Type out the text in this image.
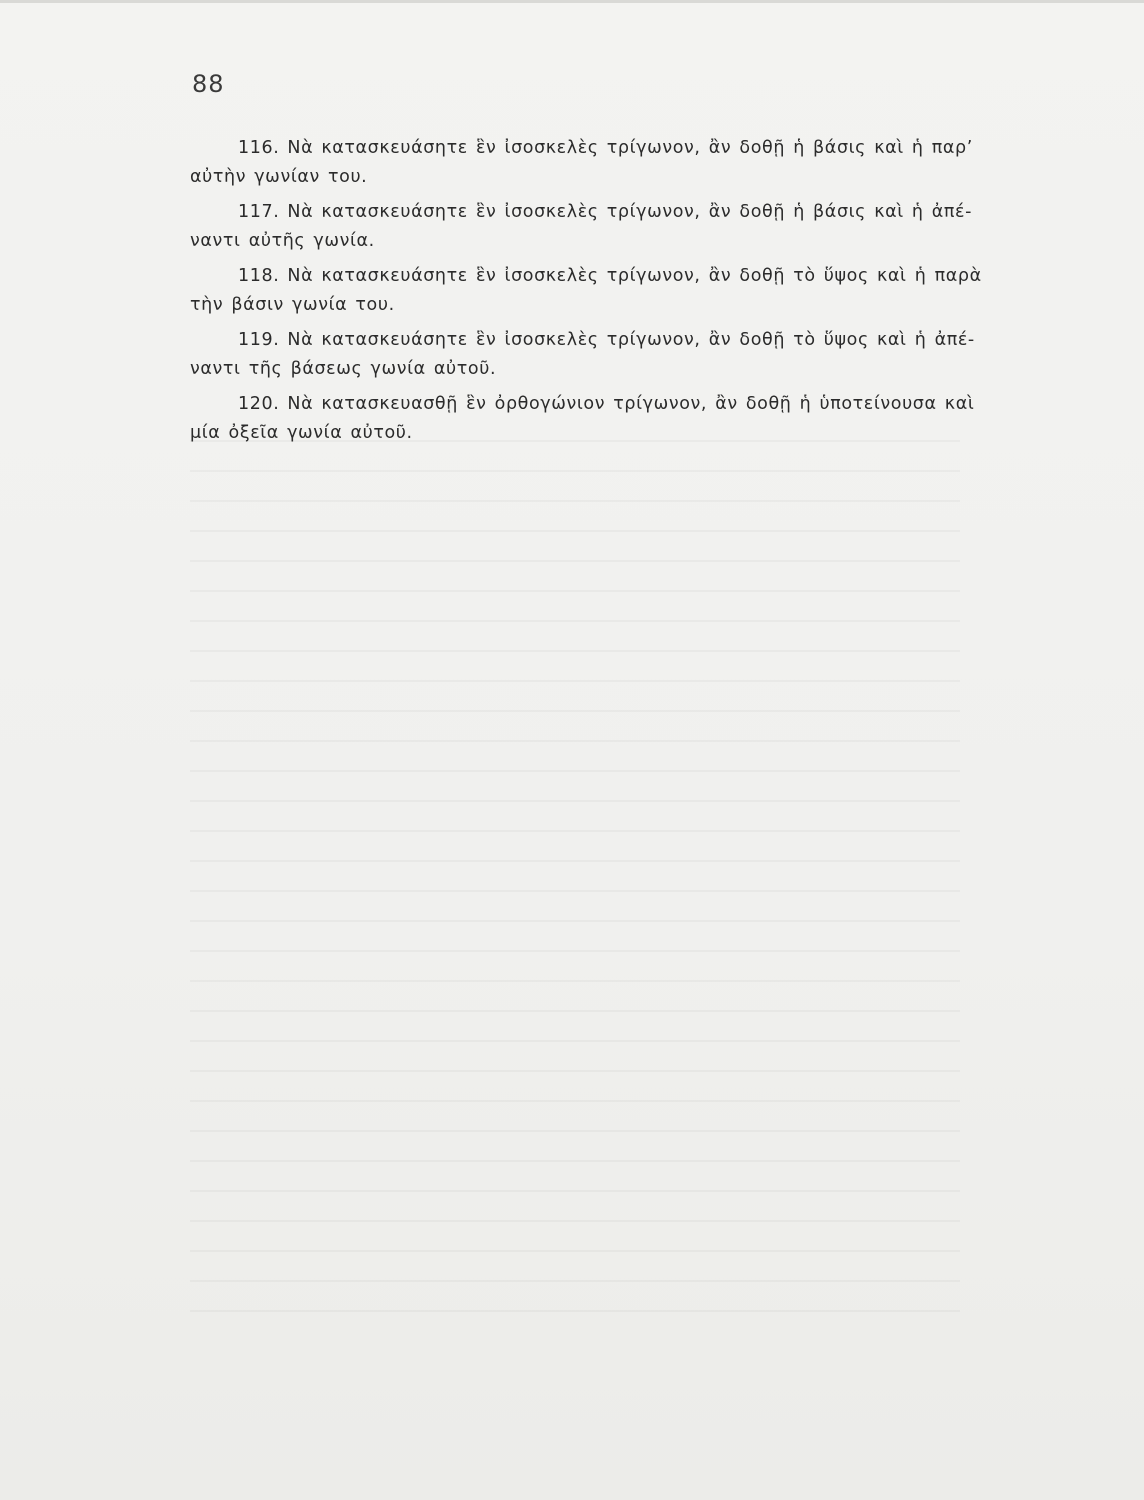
88
116. Νὰ κατασκευάσητε ἓν ἰσοσκελὲς τρίγωνον, ἂν δοθῇ ἡ βάσις καὶ ἡ παρ’
αὐτὴν γωνίαν του.
117. Νὰ κατασκευάσητε ἓν ἰσοσκελὲς τρίγωνον, ἂν δοθῇ ἡ βάσις καὶ ἡ ἀπέ-
ναντι αὐτῆς γωνία.
118. Νὰ κατασκευάσητε ἓν ἰσοσκελὲς τρίγωνον, ἂν δοθῇ τὸ ὕψος καὶ ἡ παρὰ
τὴν βάσιν γωνία του.
119. Νὰ κατασκευάσητε ἓν ἰσοσκελὲς τρίγωνον, ἂν δοθῇ τὸ ὕψος καὶ ἡ ἀπέ-
ναντι τῆς βάσεως γωνία αὐτοῦ.
120. Νὰ κατασκευασθῇ ἓν ὀρθογώνιον τρίγωνον, ἂν δοθῇ ἡ ὑποτείνουσα καὶ
μία ὀξεῖα γωνία αὐτοῦ.
